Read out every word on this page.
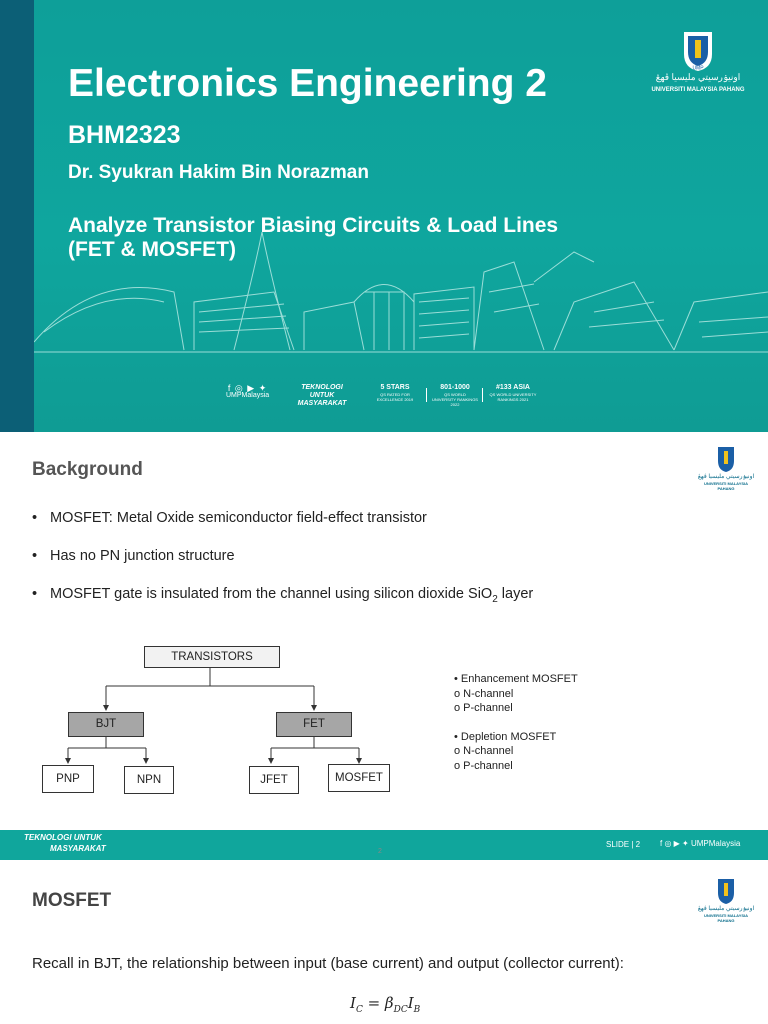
Electronics Engineering 2
BHM2323
Dr. Syukran Hakim Bin Norazman
Analyze Transistor Biasing Circuits & Load Lines
(FET & MOSFET)
UMP
اونيۏرسيتي مليسيا ڤهڠ
UNIVERSITI MALAYSIA PAHANG
f ◎ ▶ ✦
UMPMalaysia
TEKNOLOGI UNTUK MASYARAKAT
5 STARS
QS RATED FOR EXCELLENCE 2019
801-1000
QS WORLD UNIVERSITY RANKINGS 2022
#133 ASIA
QS WORLD UNIVERSITY RANKINGS 2021
Background	اونيۏرسيتي مليسيا ڤهڠ
UNIVERSITI MALAYSIA PAHANG
• MOSFET: Metal Oxide semiconductor field-effect transistor
• Has no PN junction structure
• MOSFET gate is insulated from the channel using silicon dioxide SiO$_2$ layer
TRANSISTORS
BJT	FET
PNP	NPN	JFET	MOSFET
• Enhancement MOSFET
o N-channel
o P-channel
• Depletion MOSFET
o N-channel
o P-channel
TEKNOLOGI UNTUK
MASYARAKAT	SLIDE | 2 f ◎ ▶ ✦ UMPMalaysia
2
MOSFET	اونيۏرسيتي مليسيا ڤهڠ
UNIVERSITI MALAYSIA PAHANG
Recall in BJT, the relationship between input (base current) and output (collector current):
$I_C = \beta_{DC}I_B$
